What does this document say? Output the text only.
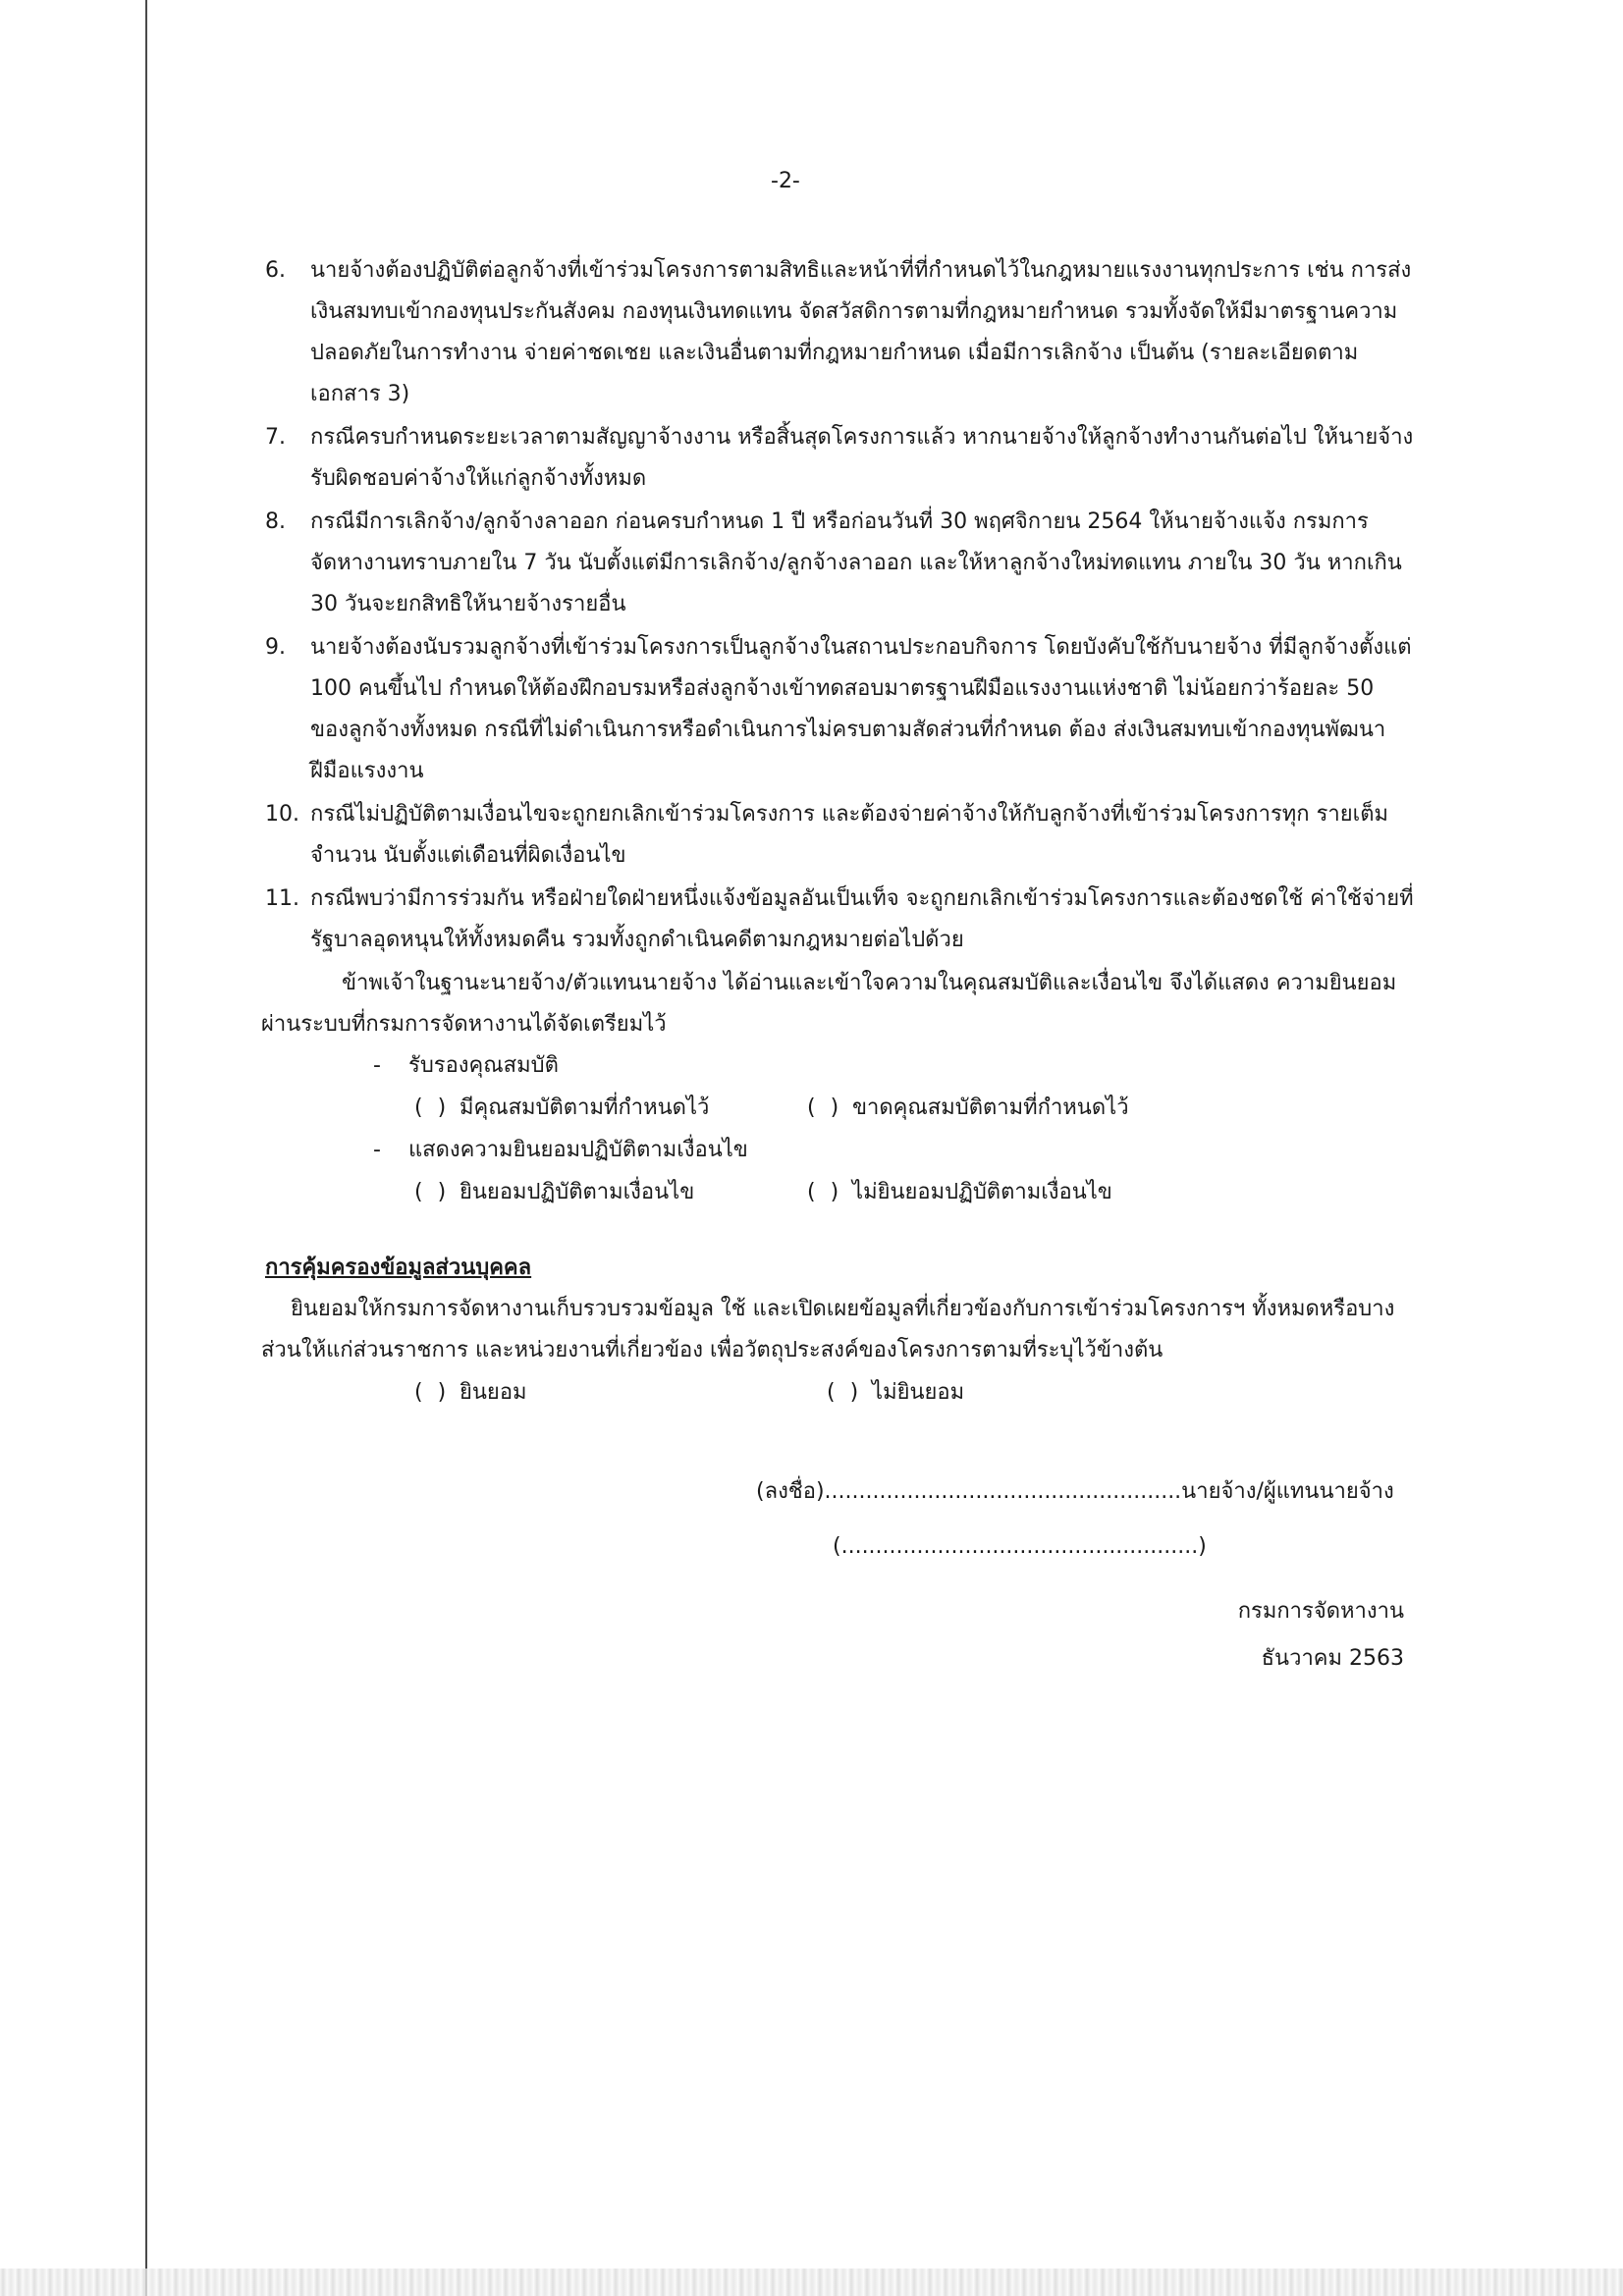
-2-
6.	นายจ้างต้องปฏิบัติต่อลูกจ้างที่เข้าร่วมโครงการตามสิทธิและหน้าที่ที่กำหนดไว้ในกฎหมายแรงงานทุกประการ เช่น การส่งเงินสมทบเข้ากองทุนประกันสังคม กองทุนเงินทดแทน จัดสวัสดิการตามที่กฎหมายกำหนด รวมทั้งจัดให้มีมาตรฐานความปลอดภัยในการทำงาน จ่ายค่าชดเชย และเงินอื่นตามที่กฎหมายกำหนด เมื่อมีการเลิกจ้าง เป็นต้น (รายละเอียดตามเอกสาร 3)
7.	กรณีครบกำหนดระยะเวลาตามสัญญาจ้างงาน หรือสิ้นสุดโครงการแล้ว หากนายจ้างให้ลูกจ้างทำงานกันต่อไป ให้นายจ้างรับผิดชอบค่าจ้างให้แก่ลูกจ้างทั้งหมด
8.	กรณีมีการเลิกจ้าง/ลูกจ้างลาออก ก่อนครบกำหนด 1 ปี หรือก่อนวันที่ 30 พฤศจิกายน 2564 ให้นายจ้างแจ้ง กรมการจัดหางานทราบภายใน 7 วัน นับตั้งแต่มีการเลิกจ้าง/ลูกจ้างลาออก และให้หาลูกจ้างใหม่ทดแทน ภายใน 30 วัน หากเกิน 30 วันจะยกสิทธิให้นายจ้างรายอื่น
9.	นายจ้างต้องนับรวมลูกจ้างที่เข้าร่วมโครงการเป็นลูกจ้างในสถานประกอบกิจการ โดยบังคับใช้กับนายจ้าง ที่มีลูกจ้างตั้งแต่ 100 คนขึ้นไป กำหนดให้ต้องฝึกอบรมหรือส่งลูกจ้างเข้าทดสอบมาตรฐานฝีมือแรงงานแห่งชาติ ไม่น้อยกว่าร้อยละ 50 ของลูกจ้างทั้งหมด กรณีที่ไม่ดำเนินการหรือดำเนินการไม่ครบตามสัดส่วนที่กำหนด ต้อง ส่งเงินสมทบเข้ากองทุนพัฒนาฝีมือแรงงาน
10. กรณีไม่ปฏิบัติตามเงื่อนไขจะถูกยกเลิกเข้าร่วมโครงการ และต้องจ่ายค่าจ้างให้กับลูกจ้างที่เข้าร่วมโครงการทุก รายเต็มจำนวน นับตั้งแต่เดือนที่ผิดเงื่อนไข
11. กรณีพบว่ามีการร่วมกัน หรือฝ่ายใดฝ่ายหนึ่งแจ้งข้อมูลอันเป็นเท็จ จะถูกยกเลิกเข้าร่วมโครงการและต้องชดใช้ ค่าใช้จ่ายที่รัฐบาลอุดหนุนให้ทั้งหมดคืน รวมทั้งถูกดำเนินคดีตามกฎหมายต่อไปด้วย

ข้าพเจ้าในฐานะนายจ้าง/ตัวแทนนายจ้าง ได้อ่านและเข้าใจความในคุณสมบัติและเงื่อนไข จึงได้แสดง ความยินยอมผ่านระบบที่กรมการจัดหางานได้จัดเตรียมไว้

-	รับรองคุณสมบัติ
( ) มีคุณสมบัติตามที่กำหนดไว้	( ) ขาดคุณสมบัติตามที่กำหนดไว้
-	แสดงความยินยอมปฏิบัติตามเงื่อนไข
( ) ยินยอมปฏิบัติตามเงื่อนไข	( ) ไม่ยินยอมปฏิบัติตามเงื่อนไข
การคุ้มครองข้อมูลส่วนบุคคล

ยินยอมให้กรมการจัดหางานเก็บรวบรวมข้อมูล ใช้ และเปิดเผยข้อมูลที่เกี่ยวข้องกับการเข้าร่วมโครงการฯ ทั้งหมดหรือบางส่วนให้แก่ส่วนราชการ และหน่วยงานที่เกี่ยวข้อง เพื่อวัตถุประสงค์ของโครงการตามที่ระบุไว้ข้างต้น

( ) ยินยอม	( ) ไม่ยินยอม
(ลงชื่อ)....................................................นายจ้าง/ผู้แทนนายจ้าง
(....................................................)
กรมการจัดหางาน
ธันวาคม 2563
